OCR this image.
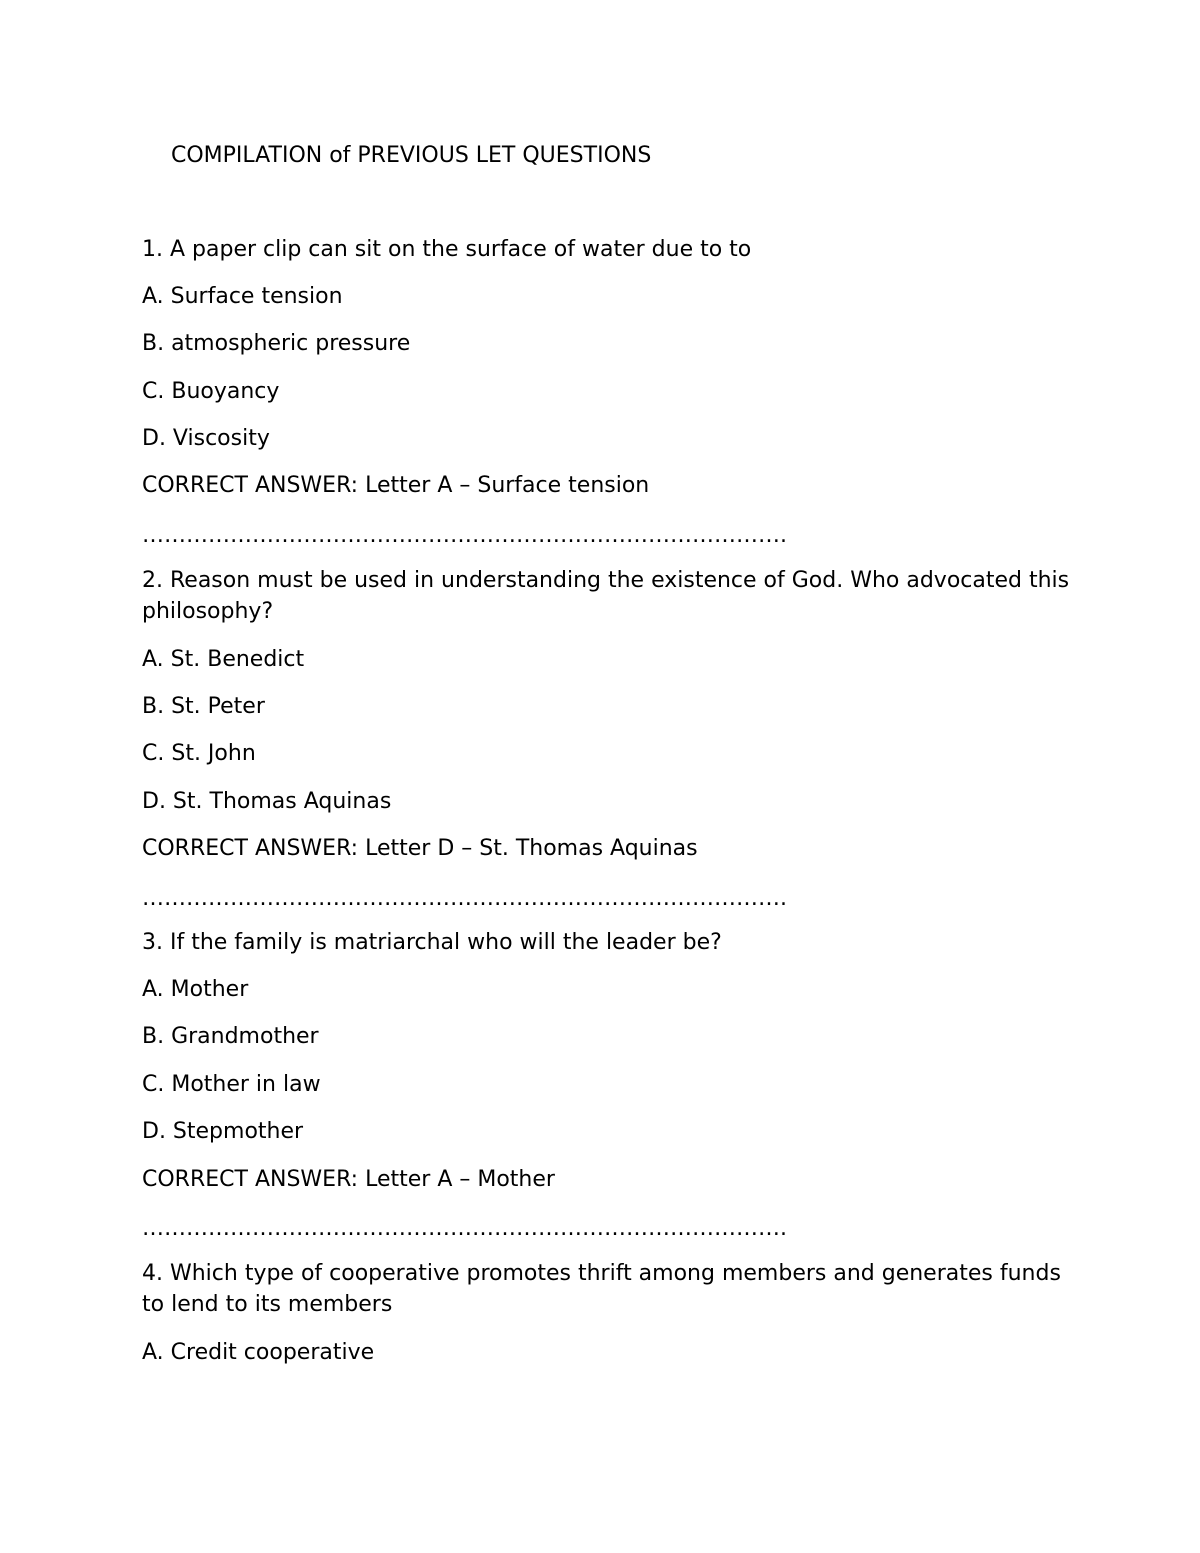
COMPILATION of PREVIOUS LET QUESTIONS

1. A paper clip can sit on the surface of water due to to

A. Surface tension

B. atmospheric pressure

C. Buoyancy

D. Viscosity

CORRECT ANSWER: Letter A – Surface tension

…………………………………………………………………………….

2. Reason must be used in understanding the existence of God. Who advocated this philosophy?

A. St. Benedict

B. St. Peter

C. St. John

D. St. Thomas Aquinas

CORRECT ANSWER: Letter D – St. Thomas Aquinas

…………………………………………………………………………….

3. If the family is matriarchal who will the leader be?

A. Mother

B. Grandmother

C. Mother in law

D. Stepmother

CORRECT ANSWER: Letter A – Mother

…………………………………………………………………………….

4. Which type of cooperative promotes thrift among members and generates funds to lend to its members

A. Credit cooperative
